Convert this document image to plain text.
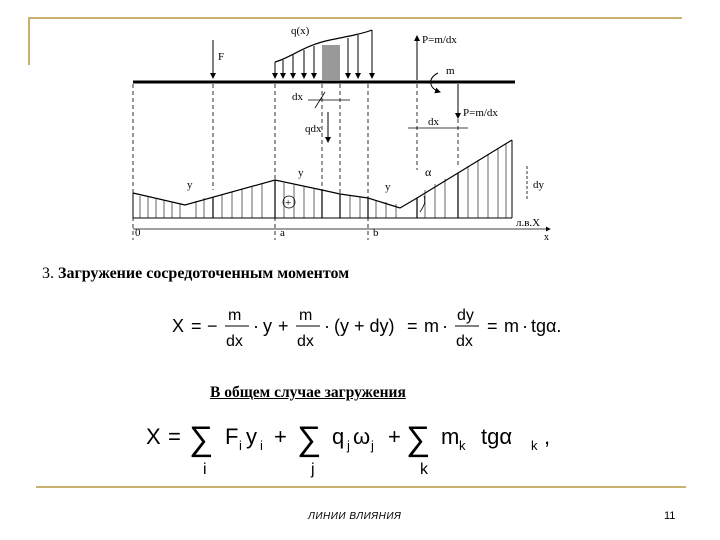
q(x)
F
P=m/dx
m
P=m/dx
dx
qdx
dx
y
y
y
+
α
dy
0	a	b
л.в.X
x
3. Загружение сосредоточенным моментом
X = −
m
dx
· y +
m
dx
· (y + dy) = m ·
dy
dx
= m · tgα.
В общем случае загружения
X = ∑ F i y i
i
+ ∑ q j ω j
j
+ ∑ m k tgα k ,
k
ЛИНИИ ВЛИЯНИЯ	11
